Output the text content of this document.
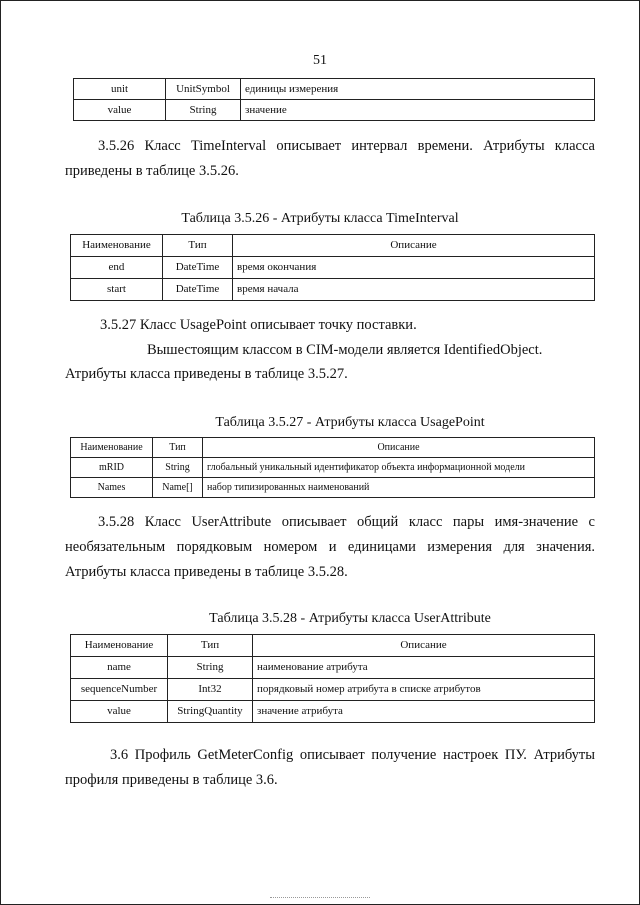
51
unit	UnitSymbol	единицы измерения
value	String	значение
3.5.26 Класс TimeInterval описывает интервал времени. Атрибуты класса
приведены в таблице 3.5.26.
Таблица 3.5.26 - Атрибуты класса TimeInterval
Наименование	Тип	Описание
end	DateTime	время окончания
start	DateTime	время начала
3.5.27 Класс UsagePoint описывает точку поставки.
Вышестоящим классом в CIM-модели является IdentifiedObject.
Атрибуты класса приведены в таблице 3.5.27.
Таблица 3.5.27 - Атрибуты класса UsagePoint
Наименование	Тип	Описание
mRID	String	глобальный уникальный идентификатор объекта информационной модели
Names	Name[]	набор типизированных наименований
3.5.28 Класс UserAttribute описывает общий класс пары имя-значение с
необязательным порядковым номером и единицами измерения для значения.
Атрибуты класса приведены в таблице 3.5.28.
Таблица 3.5.28 - Атрибуты класса UserAttribute
Наименование	Тип	Описание
name	String	наименование атрибута
sequenceNumber	Int32	порядковый номер атрибута в списке атрибутов
value	StringQuantity	значение атрибута
3.6 Профиль GetMeterConfig описывает получение настроек ПУ. Атрибуты
профиля приведены в таблице 3.6.
